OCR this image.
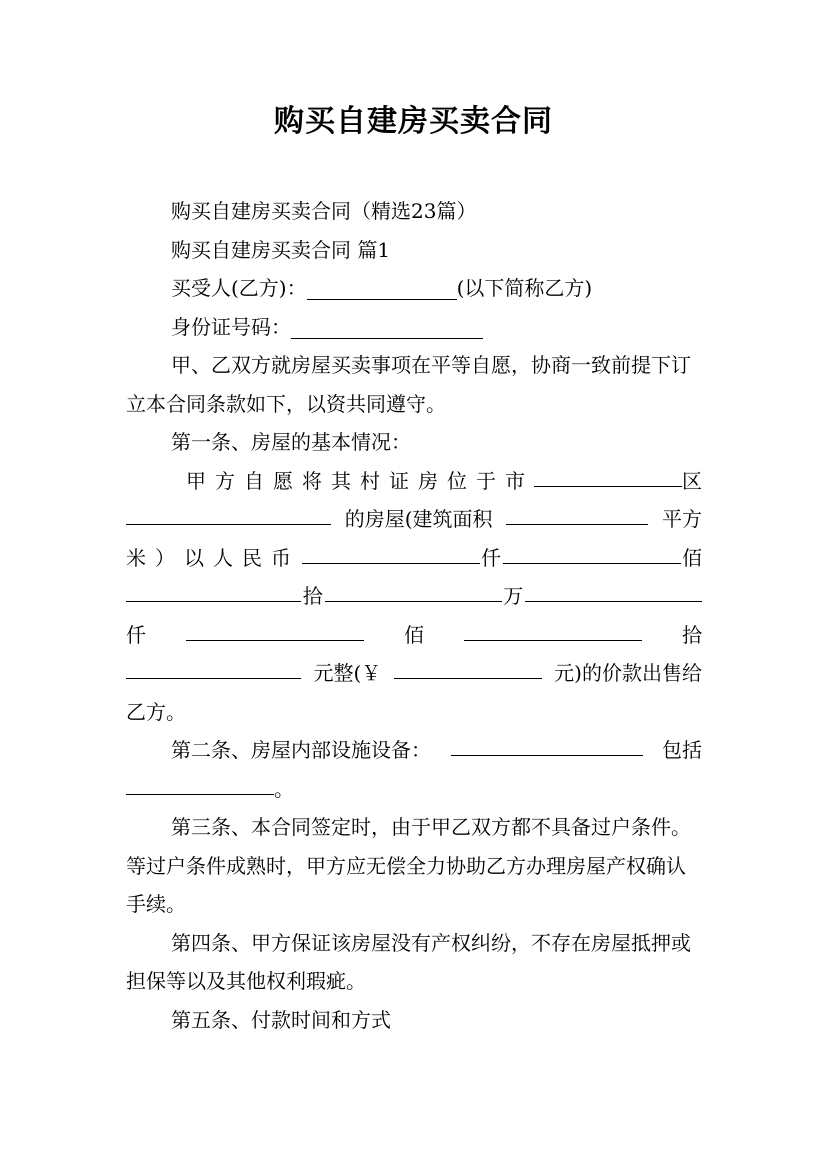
购买自建房买卖合同

购买自建房买卖合同（精选23篇）

购买自建房买卖合同 篇1

买受人(乙方)：	(以下简称乙方)

身份证号码：

甲、乙双方就房屋买卖事项在平等自愿，协商一致前提下订立本合同条款如下，以资共同遵守。

第一条、房屋的基本情况：

甲方自愿将其村证房位于市	区
的房屋(建筑面积	平方
米）以人民币	仟	佰
拾	万
仟	佰	拾
元整(￥	元)的价款出售给
乙方。
第二条、房屋内部设施设备：	包括
。

第三条、本合同签定时，由于甲乙双方都不具备过户条件。等过户条件成熟时，甲方应无偿全力协助乙方办理房屋产权确认手续。

第四条、甲方保证该房屋没有产权纠纷，不存在房屋抵押或担保等以及其他权利瑕疵。

第五条、付款时间和方式
